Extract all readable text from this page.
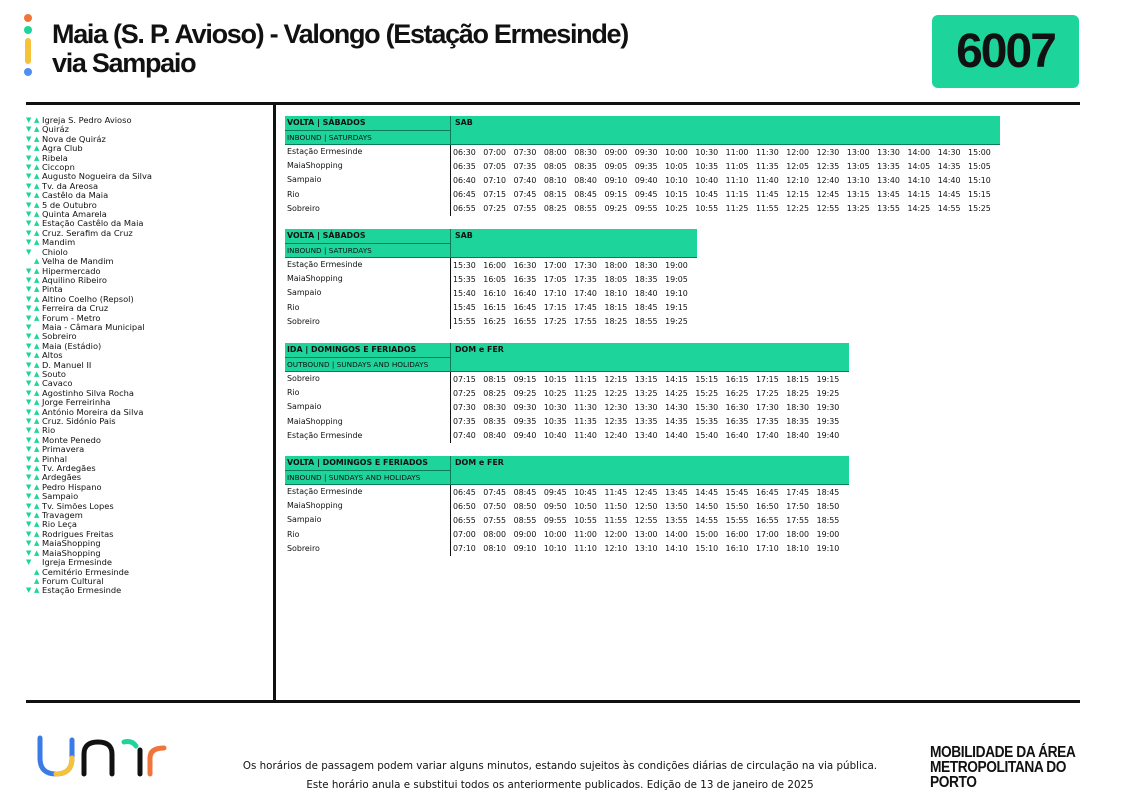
Maia (S. P. Avioso) - Valongo (Estação Ermesinde)
via Sampaio	6007
▼ ▲ Igreja S. Pedro Avioso
▼ ▲ Quiráz
▼ ▲ Nova de Quiráz
▼ ▲ Agra Club
▼ ▲ Ribela
▼ ▲ Ciccopn
▼ ▲ Augusto Nogueira da Silva
▼ ▲ Tv. da Areosa
▼ ▲ Castêlo da Maia
▼ ▲ 5 de Outubro
▼ ▲ Quinta Amarela
▼ ▲ Estação Castêlo da Maia
▼ ▲ Cruz. Serafim da Cruz
▼ ▲ Mandim
▼	Chiolo
▲ Velha de Mandim
▼ ▲ Hipermercado
▼ ▲ Aquilino Ribeiro
▼ ▲ Pinta
▼ ▲ Altino Coelho (Repsol)
▼ ▲ Ferreira da Cruz
▼ ▲ Forum - Metro
▼	Maia - Câmara Municipal
▼ ▲ Sobreiro
▼ ▲ Maia (Estádio)
▼ ▲ Altos
▼ ▲ D. Manuel II
▼ ▲ Souto
▼ ▲ Cavaco
▼ ▲ Agostinho Silva Rocha
▼ ▲ Jorge Ferreirinha
▼ ▲ António Moreira da Silva
▼ ▲ Cruz. Sidónio Pais
▼ ▲ Rio
▼ ▲ Monte Penedo
▼ ▲ Primavera
▼ ▲ Pinhal
▼ ▲ Tv. Ardegães
▼ ▲ Ardegães
▼ ▲ Pedro Hispano
▼ ▲ Sampaio
▼ ▲ Tv. Simões Lopes
▼ ▲ Travagem
▼ ▲ Rio Leça
▼ ▲ Rodrigues Freitas
▼ ▲ MaiaShopping
▼ ▲ MaiaShopping
▼	Igreja Ermesinde
▲ Cemitério Ermesinde
▲ Forum Cultural
▼ ▲ Estação Ermesinde
VOLTA | SÁBADOS	SAB
INBOUND | SATURDAYS
Estação Ermesinde	06:30 07:00 07:30 08:00 08:30 09:00 09:30 10:00 10:30 11:00 11:30 12:00 12:30 13:00 13:30 14:00 14:30 15:00
MaiaShopping	06:35 07:05 07:35 08:05 08:35 09:05 09:35 10:05 10:35 11:05 11:35 12:05 12:35 13:05 13:35 14:05 14:35 15:05
Sampaio	06:40 07:10 07:40 08:10 08:40 09:10 09:40 10:10 10:40 11:10 11:40 12:10 12:40 13:10 13:40 14:10 14:40 15:10
Rio	06:45 07:15 07:45 08:15 08:45 09:15 09:45 10:15 10:45 11:15 11:45 12:15 12:45 13:15 13:45 14:15 14:45 15:15
Sobreiro	06:55 07:25 07:55 08:25 08:55 09:25 09:55 10:25 10:55 11:25 11:55 12:25 12:55 13:25 13:55 14:25 14:55 15:25
VOLTA | SÁBADOS	SAB
INBOUND | SATURDAYS
Estação Ermesinde	15:30 16:00 16:30 17:00 17:30 18:00 18:30 19:00
MaiaShopping	15:35 16:05 16:35 17:05 17:35 18:05 18:35 19:05
Sampaio	15:40 16:10 16:40 17:10 17:40 18:10 18:40 19:10
Rio	15:45 16:15 16:45 17:15 17:45 18:15 18:45 19:15
Sobreiro	15:55 16:25 16:55 17:25 17:55 18:25 18:55 19:25
IDA | DOMINGOS E FERIADOS	DOM e FER
OUTBOUND | SUNDAYS AND HOLIDAYS
Sobreiro	07:15 08:15 09:15 10:15 11:15 12:15 13:15 14:15 15:15 16:15 17:15 18:15 19:15
Rio	07:25 08:25 09:25 10:25 11:25 12:25 13:25 14:25 15:25 16:25 17:25 18:25 19:25
Sampaio	07:30 08:30 09:30 10:30 11:30 12:30 13:30 14:30 15:30 16:30 17:30 18:30 19:30
MaiaShopping	07:35 08:35 09:35 10:35 11:35 12:35 13:35 14:35 15:35 16:35 17:35 18:35 19:35
Estação Ermesinde	07:40 08:40 09:40 10:40 11:40 12:40 13:40 14:40 15:40 16:40 17:40 18:40 19:40
VOLTA | DOMINGOS E FERIADOS	DOM e FER
INBOUND | SUNDAYS AND HOLIDAYS
Estação Ermesinde	06:45 07:45 08:45 09:45 10:45 11:45 12:45 13:45 14:45 15:45 16:45 17:45 18:45
MaiaShopping	06:50 07:50 08:50 09:50 10:50 11:50 12:50 13:50 14:50 15:50 16:50 17:50 18:50
Sampaio	06:55 07:55 08:55 09:55 10:55 11:55 12:55 13:55 14:55 15:55 16:55 17:55 18:55
Rio	07:00 08:00 09:00 10:00 11:00 12:00 13:00 14:00 15:00 16:00 17:00 18:00 19:00
Sobreiro	07:10 08:10 09:10 10:10 11:10 12:10 13:10 14:10 15:10 16:10 17:10 18:10 19:10
Os horários de passagem podem variar alguns minutos, estando sujeitos às condições diárias de circulação na via pública.
Este horário anula e substitui todos os anteriormente publicados. Edição de 13 de janeiro de 2025
MOBILIDADE DA ÁREA
METROPOLITANA DO PORTO
